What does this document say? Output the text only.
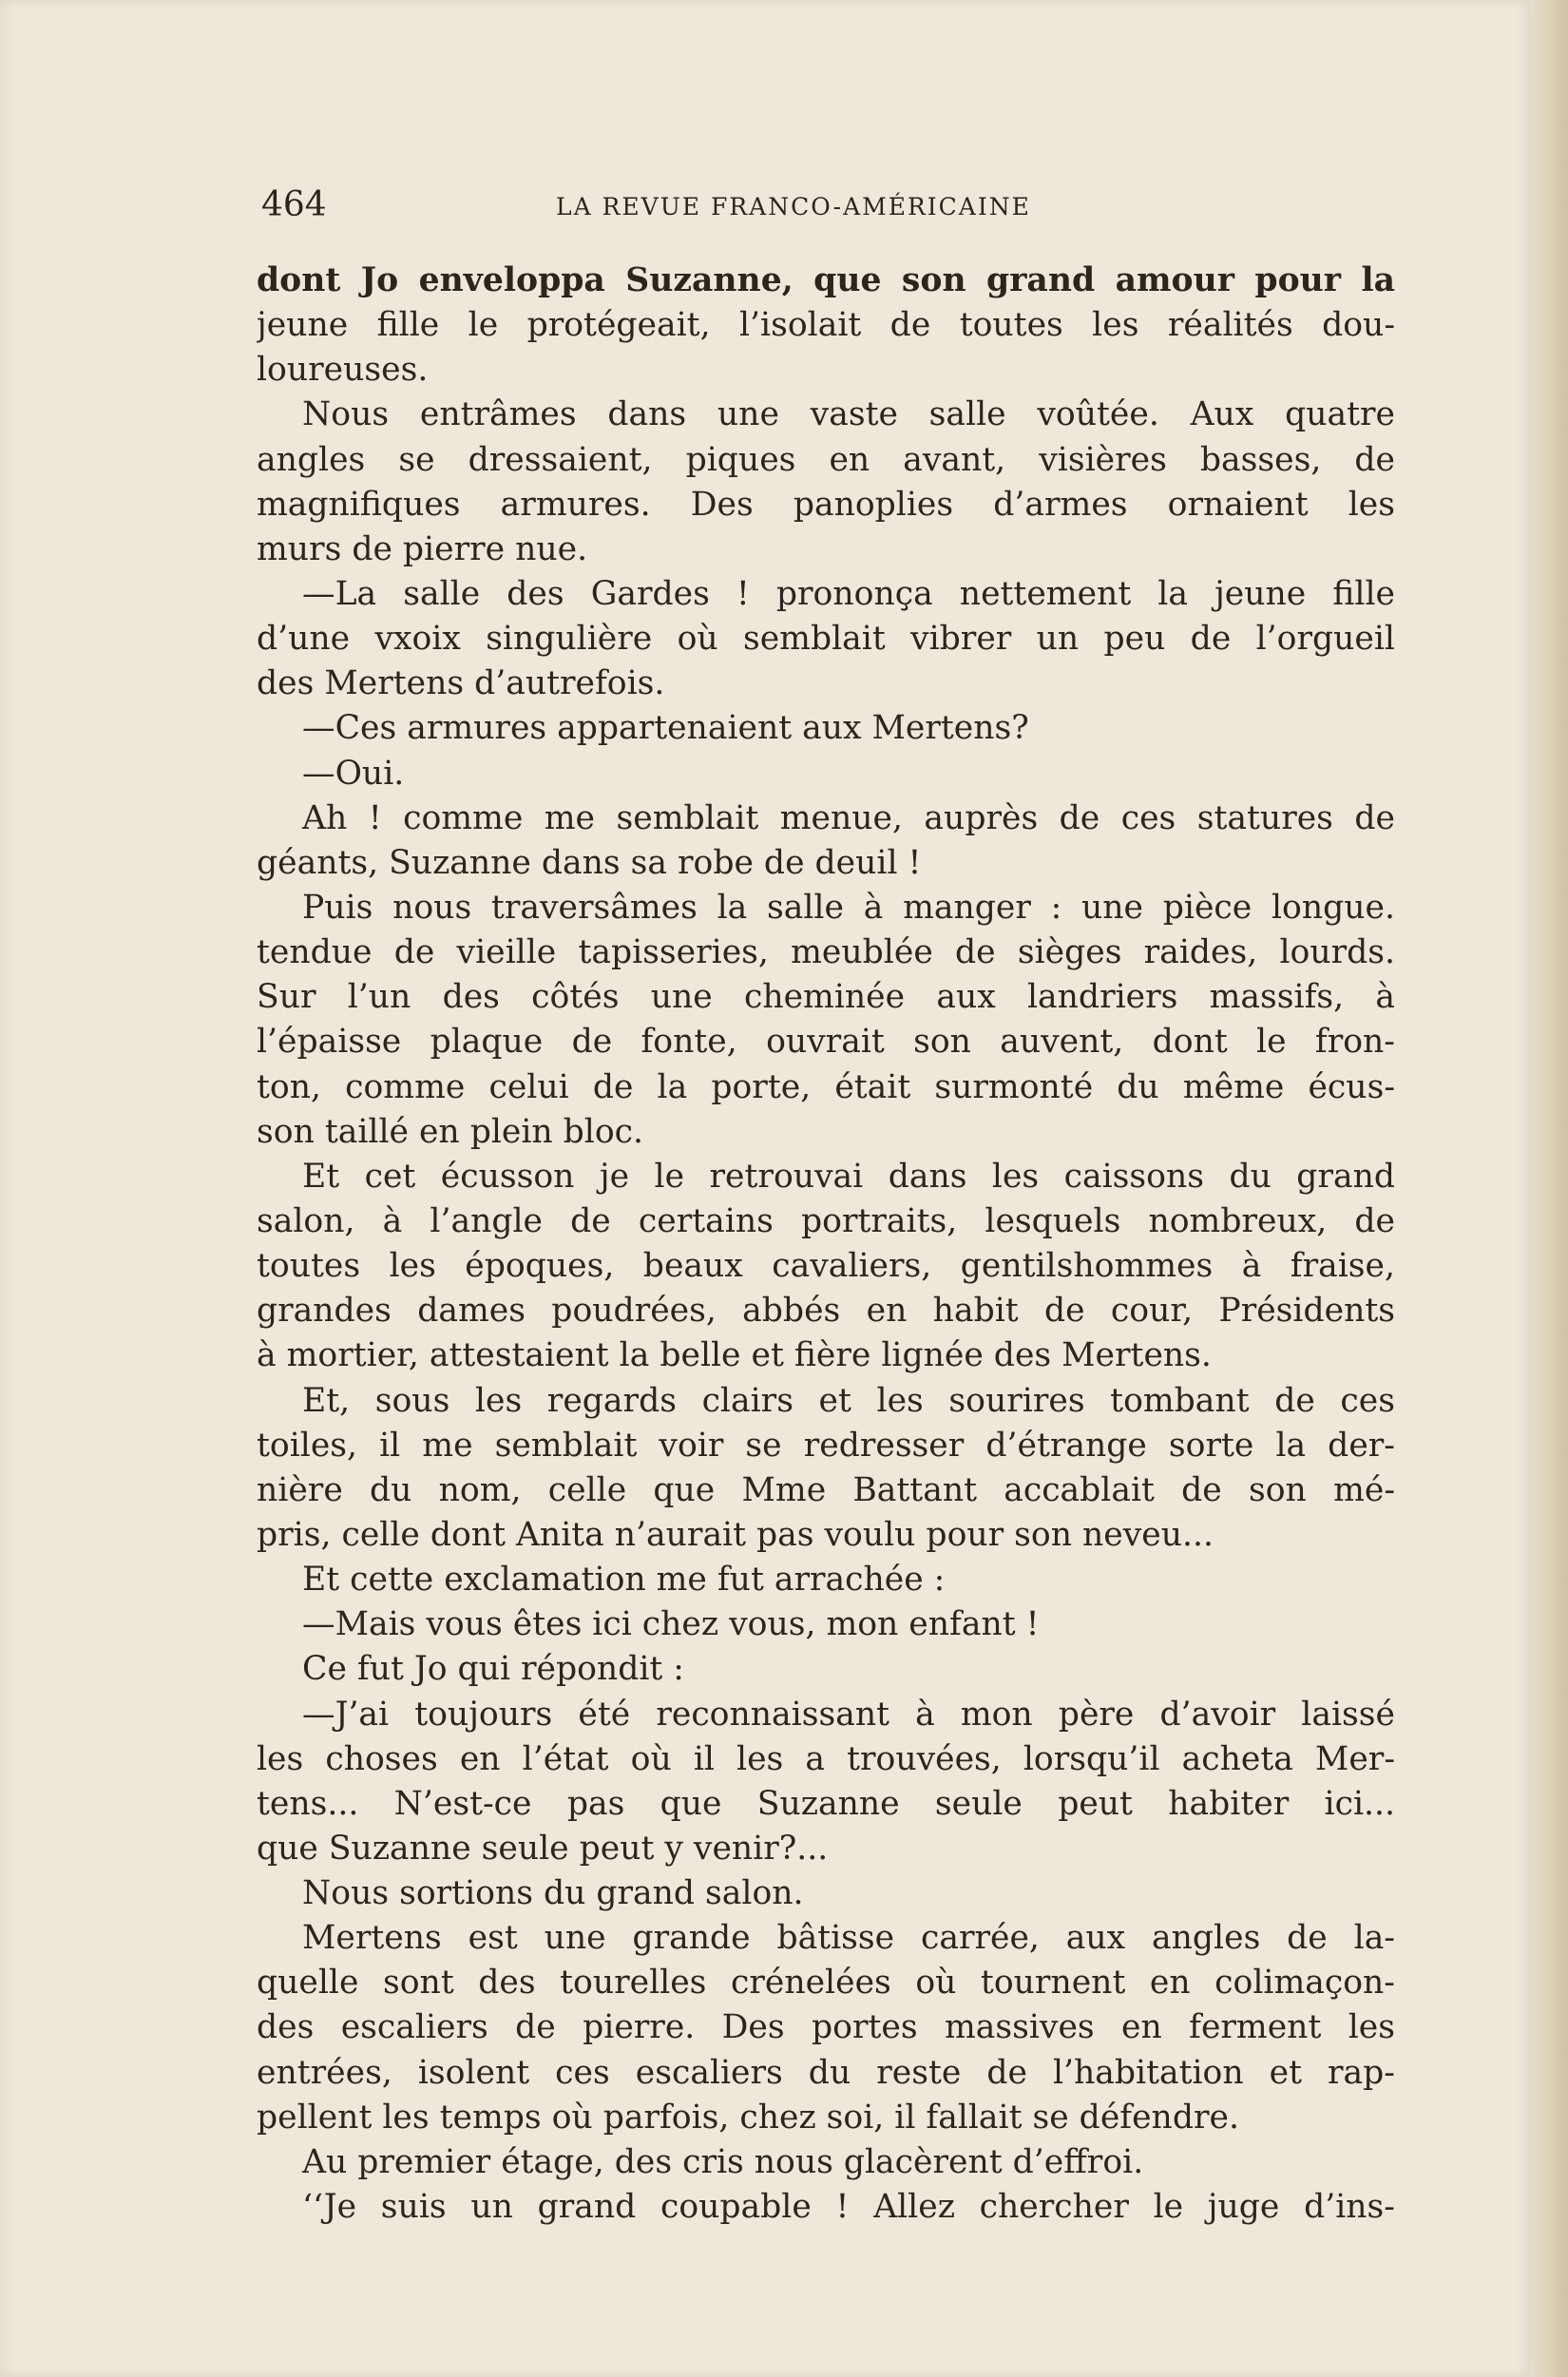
464	LA REVUE FRANCO-AMÉRICAINE
dont Jo enveloppa Suzanne, que son grand amour pour la
jeune fille le protégeait, l’isolait de toutes les réalités dou-
loureuses.
Nous entrâmes dans une vaste salle voûtée. Aux quatre
angles se dressaient, piques en avant, visières basses, de
magnifiques armures. Des panoplies d’armes ornaient les
murs de pierre nue.
—La salle des Gardes ! prononça nettement la jeune fille
d’une vxoix singulière où semblait vibrer un peu de l’orgueil
des Mertens d’autrefois.
—Ces armures appartenaient aux Mertens?
—Oui.
Ah ! comme me semblait menue, auprès de ces statures de
géants, Suzanne dans sa robe de deuil !
Puis nous traversâmes la salle à manger : une pièce longue.
tendue de vieille tapisseries, meublée de sièges raides, lourds.
Sur l’un des côtés une cheminée aux landriers massifs, à
l’épaisse plaque de fonte, ouvrait son auvent, dont le fron-
ton, comme celui de la porte, était surmonté du même écus-
son taillé en plein bloc.
Et cet écusson je le retrouvai dans les caissons du grand
salon, à l’angle de certains portraits, lesquels nombreux, de
toutes les époques, beaux cavaliers, gentilshommes à fraise,
grandes dames poudrées, abbés en habit de cour, Présidents
à mortier, attestaient la belle et fière lignée des Mertens.
Et, sous les regards clairs et les sourires tombant de ces
toiles, il me semblait voir se redresser d’étrange sorte la der-
nière du nom, celle que Mme Battant accablait de son mé-
pris, celle dont Anita n’aurait pas voulu pour son neveu...
Et cette exclamation me fut arrachée :
—Mais vous êtes ici chez vous, mon enfant !
Ce fut Jo qui répondit :
—J’ai toujours été reconnaissant à mon père d’avoir laissé
les choses en l’état où il les a trouvées, lorsqu’il acheta Mer-
tens... N’est-ce pas que Suzanne seule peut habiter ici...
que Suzanne seule peut y venir?...
Nous sortions du grand salon.
Mertens est une grande bâtisse carrée, aux angles de la-
quelle sont des tourelles crénelées où tournent en colimaçon-
des escaliers de pierre. Des portes massives en ferment les
entrées, isolent ces escaliers du reste de l’habitation et rap-
pellent les temps où parfois, chez soi, il fallait se défendre.
Au premier étage, des cris nous glacèrent d’effroi.
‘‘Je suis un grand coupable ! Allez chercher le juge d’ins-
